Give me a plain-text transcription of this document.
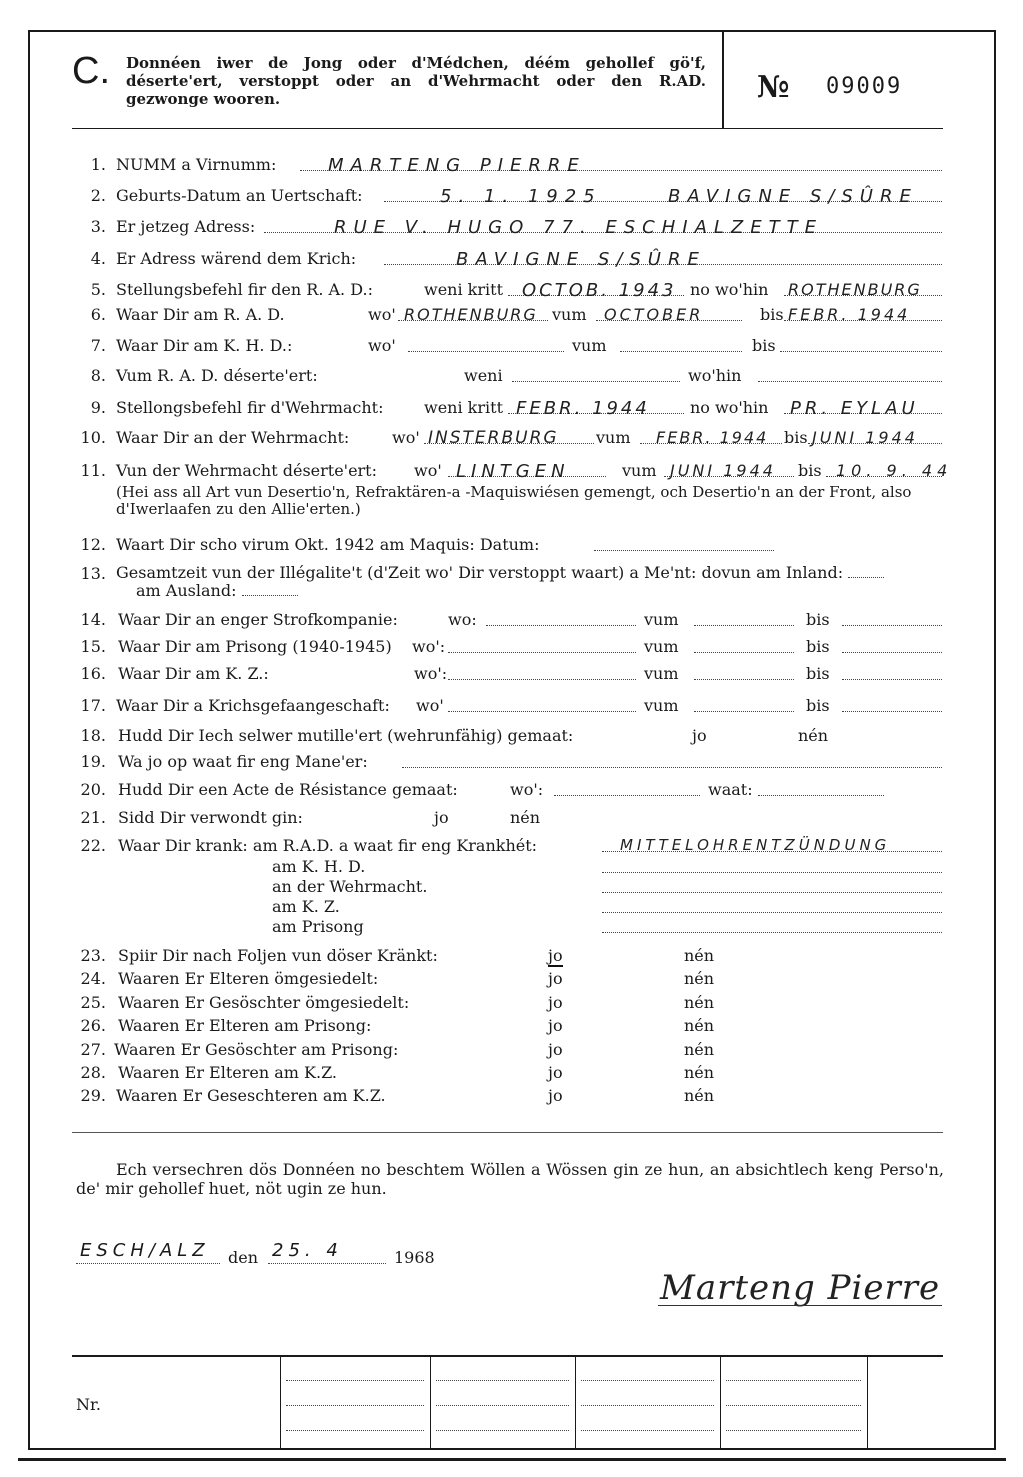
C. Donnéen iwer de Jong oder d'Médchen, déém gehollef gö'f, déserte'ert, verstoppt oder an d'Wehrmacht oder den R.AD. gezwonge wooren.	№ 09009
1. NUMM a Virnumm:	MARTENG PIERRE
2. Geburts-Datum an Uertschaft:	5. 1. 1925	BAVIGNE S/SÛRE
3. Er jetzeg Adress:	RUE V. HUGO 77. ESCHIALZETTE
4. Er Adress wärend dem Krich:	BAVIGNE S/SÛRE
5. Stellungsbefehl fir den R. A. D.:	weni kritt OCTOB. 1943 no wo'hin ROTHENBURG
6. Waar Dir am R. A. D.	wo' ROTHENBURG vum OCTOBER	bis FEBR. 1944
7. Waar Dir am K. H. D.:	wo'	vum	bis
8. Vum R. A. D. déserte'ert:	weni	wo'hin
9. Stellongsbefehl fir d'Wehrmacht:	weni kritt FEBR. 1944	no wo'hin PR. EYLAU
10. Waar Dir an der Wehrmacht:	wo' INSTERBURG vum FEBR. 1944 bis JUNI 1944
11. Vun der Wehrmacht déserte'ert: wo' LINTGEN	vum JUNI 1944 bis 10. 9. 44
(Hei ass all Art vun Desertio'n, Refraktären-a -Maquiswiésen gemengt, och Desertio'n an der Front, also d'Iwerlaafen zu den Allie'erten.)
12. Waart Dir scho virum Okt. 1942 am Maquis: Datum:
13. Gesamtzeit vun der Illégalite't (d'Zeit wo' Dir verstoppt waart) a Me'nt: dovun am Inland:
am Ausland:
14. Waar Dir an enger Strofkompanie:	wo:	vum	bis
15. Waar Dir am Prisong (1940-1945) wo':	vum	bis
16. Waar Dir am K. Z.:	wo':	vum	bis
17. Waar Dir a Krichsgefaangeschaft: wo'	vum	bis
18. Hudd Dir Iech selwer mutille'ert (wehrunfähig) gemaat:	jo	nén
19. Wa jo op waat fir eng Mane'er:
20. Hudd Dir een Acte de Résistance gemaat:	wo':	waat:
21. Sidd Dir verwondt gin:	jo	nén
22. Waar Dir krank: am R.A.D. a waat fir eng Krankhét:	MITTELOHRENTZÜNDUNG
am K. H. D.
an der Wehrmacht.
am K. Z.
am Prisong
23. Spiir Dir nach Foljen vun döser Kränkt:	jo	nén
24. Waaren Er Elteren ömgesiedelt:	jo	nén
25. Waaren Er Gesöschter ömgesiedelt:	jo	nén
26. Waaren Er Elteren am Prisong:	jo	nén
27. Waaren Er Gesöschter am Prisong:	jo	nén
28. Waaren Er Elteren am K.Z.	jo	nén
29. Waaren Er Geseschteren am K.Z.	jo	nén
Ech versechren dös Donnéen no beschtem Wöllen a Wössen gin ze hun, an absichtlech keng Perso'n, de' mir gehollef huet, nöt ugin ze hun.
ESCH/ALZ den 25. 4	1968
Marteng Pierre
Nr.
